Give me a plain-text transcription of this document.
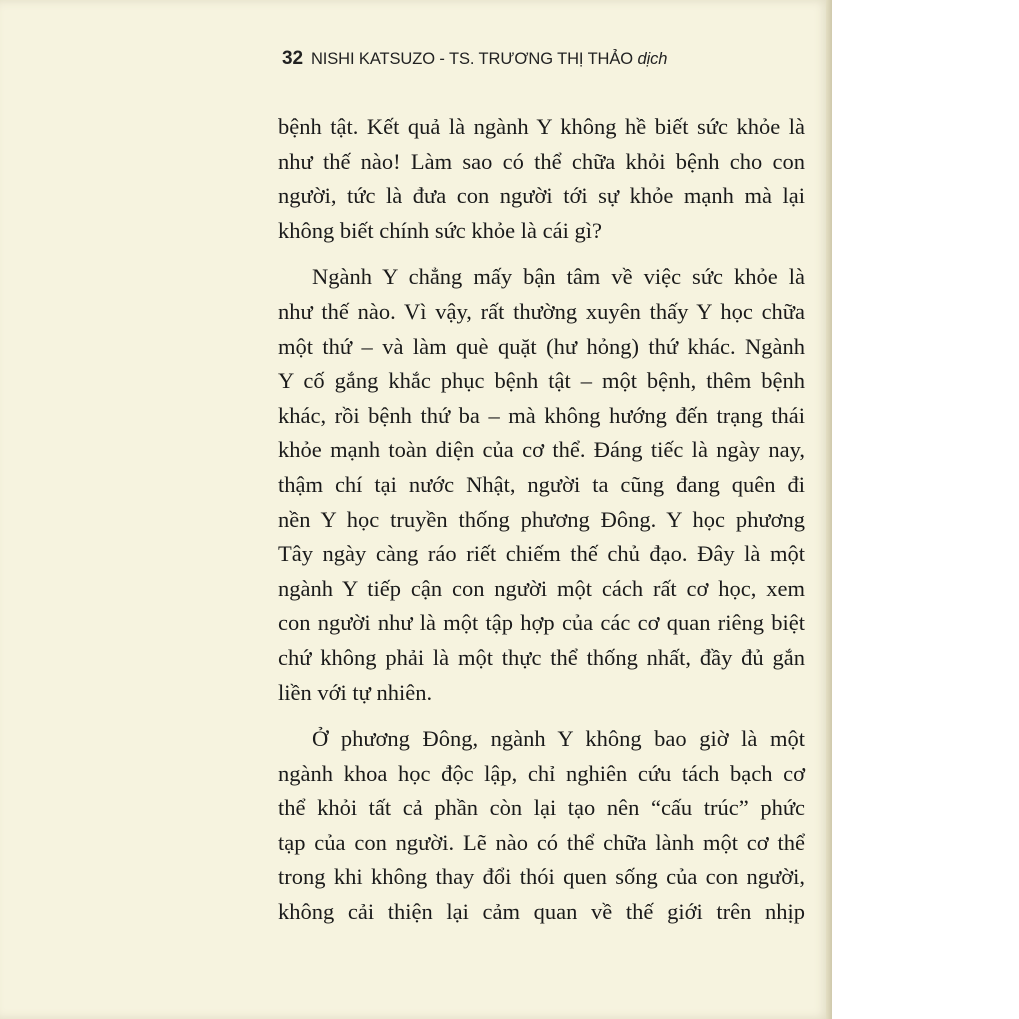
32 NISHI KATSUZO - TS. TRƯƠNG THỊ THẢO dịch

bệnh tật. Kết quả là ngành Y không hề biết sức khỏe là
như thế nào! Làm sao có thể chữa khỏi bệnh cho con
người, tức là đưa con người tới sự khỏe mạnh mà lại
không biết chính sức khỏe là cái gì?

Ngành Y chẳng mấy bận tâm về việc sức khỏe là
như thế nào. Vì vậy, rất thường xuyên thấy Y học chữa
một thứ – và làm què quặt (hư hỏng) thứ khác. Ngành
Y cố gắng khắc phục bệnh tật – một bệnh, thêm bệnh
khác, rồi bệnh thứ ba – mà không hướng đến trạng thái
khỏe mạnh toàn diện của cơ thể. Đáng tiếc là ngày nay,
thậm chí tại nước Nhật, người ta cũng đang quên đi
nền Y học truyền thống phương Đông. Y học phương
Tây ngày càng ráo riết chiếm thế chủ đạo. Đây là một
ngành Y tiếp cận con người một cách rất cơ học, xem
con người như là một tập hợp của các cơ quan riêng biệt
chứ không phải là một thực thể thống nhất, đầy đủ gắn
liền với tự nhiên.

Ở phương Đông, ngành Y không bao giờ là một
ngành khoa học độc lập, chỉ nghiên cứu tách bạch cơ
thể khỏi tất cả phần còn lại tạo nên “cấu trúc” phức
tạp của con người. Lẽ nào có thể chữa lành một cơ thể
trong khi không thay đổi thói quen sống của con người,
không cải thiện lại cảm quan về thế giới trên nhịp
